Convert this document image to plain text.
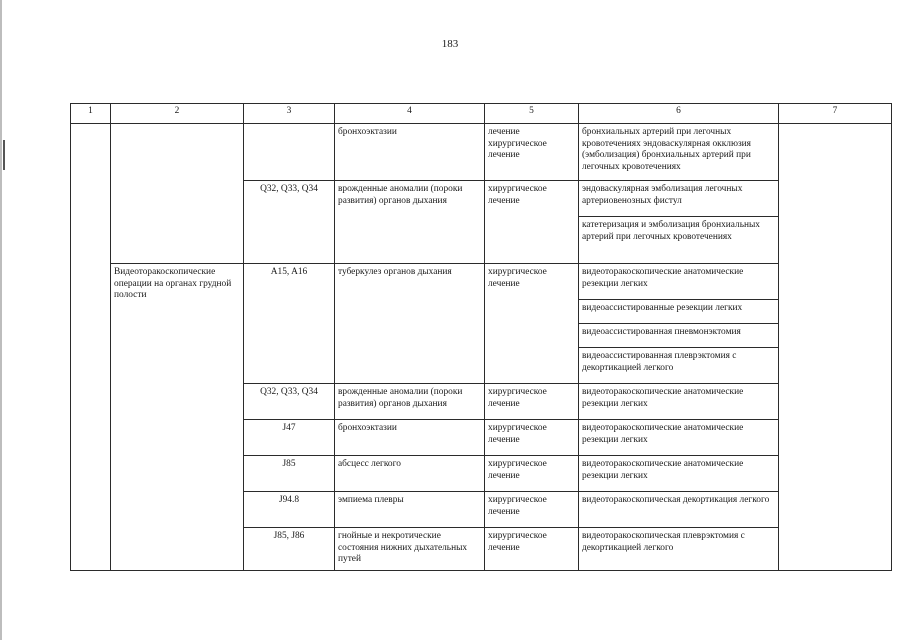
183
1	2	3	4	5	6	7
			бронхоэктазии	лечение хирургическое лечение	бронхиальных артерий при легочных кровотечениях эндоваскулярная окклюзия (эмболизация) бронхиальных артерий при легочных кровотечениях	
		Q32, Q33, Q34	врожденные аномалии (пороки развития) органов дыхания	хирургическое лечение	эндоваскулярная эмболизация легочных артериовенозных фистул	
					катетеризация и эмболизация бронхиальных артерий при легочных кровотечениях	
	Видеоторакоскопические операции на органах грудной полости	A15, A16	туберкулез органов дыхания	хирургическое лечение	видеоторакоскопические анатомические резекции легких	
					видеоассистированные резекции легких	
					видеоассистированная пневмонэктомия	
					видеоассистированная плеврэктомия с декортикацией легкого	
		Q32, Q33, Q34	врожденные аномалии (пороки развития) органов дыхания	хирургическое лечение	видеоторакоскопические анатомические резекции легких	
		J47	бронхоэктазии	хирургическое лечение	видеоторакоскопические анатомические резекции легких	
		J85	абсцесс легкого	хирургическое лечение	видеоторакоскопические анатомические резекции легких	
		J94.8	эмпиема плевры	хирургическое лечение	видеоторакоскопическая декортикация легкого	
		J85, J86	гнойные и некротические состояния нижних дыхательных путей	хирургическое лечение	видеоторакоскопическая плеврэктомия с декортикацией легкого	
